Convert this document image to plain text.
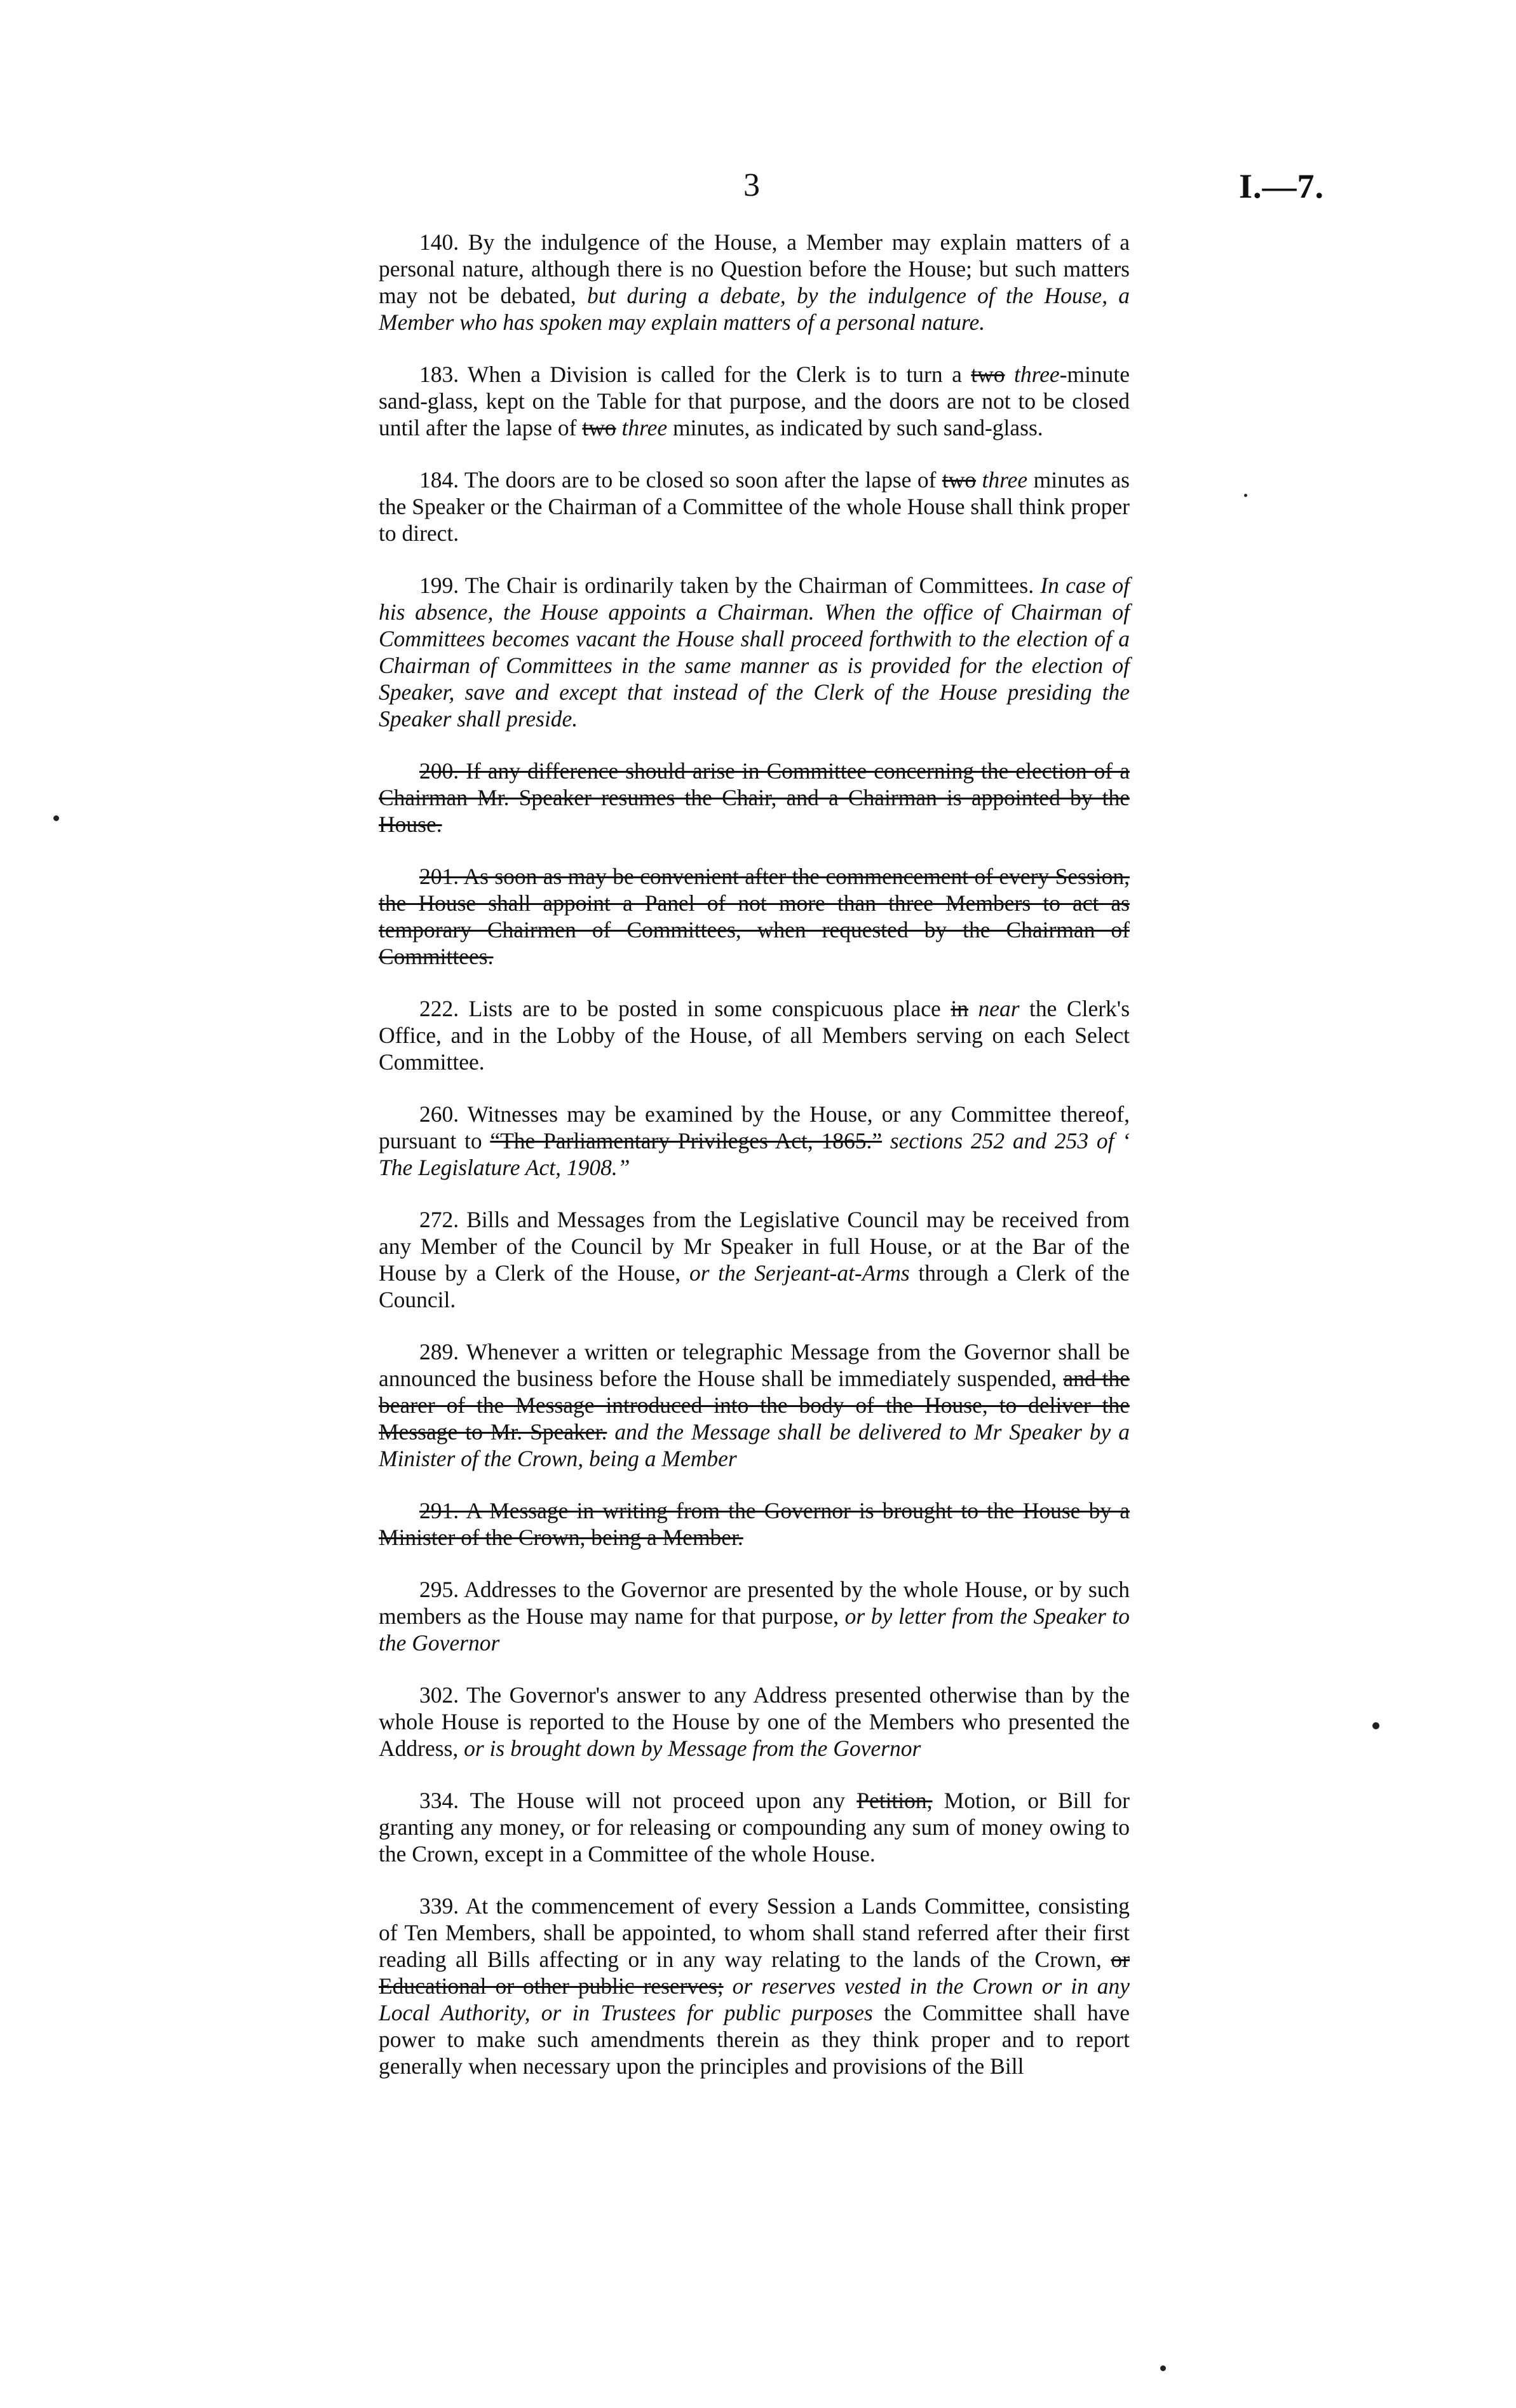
3	I.—7.

140. By the indulgence of the House, a Member may explain matters of a personal nature, although there is no Question before the House; but such matters may not be debated, but during a debate, by the indulgence of the House, a Member who has spoken may explain matters of a personal nature.

183. When a Division is called for the Clerk is to turn a two three-minute sand-glass, kept on the Table for that purpose, and the doors are not to be closed until after the lapse of two three minutes, as indicated by such sand-glass.

184. The doors are to be closed so soon after the lapse of two three minutes as the Speaker or the Chairman of a Committee of the whole House shall think proper to direct.

199. The Chair is ordinarily taken by the Chairman of Committees. In case of his absence, the House appoints a Chairman. When the office of Chairman of Committees becomes vacant the House shall proceed forthwith to the election of a Chairman of Committees in the same manner as is provided for the election of Speaker, save and except that instead of the Clerk of the House presiding the Speaker shall preside.

200. If any difference should arise in Committee concerning the election of a Chairman Mr. Speaker resumes the Chair, and a Chairman is appointed by the House.

201. As soon as may be convenient after the commencement of every Session, the House shall appoint a Panel of not more than three Members to act as temporary Chairmen of Committees, when requested by the Chairman of Committees.

222. Lists are to be posted in some conspicuous place in near the Clerk's Office, and in the Lobby of the House, of all Members serving on each Select Committee.

260. Witnesses may be examined by the House, or any Committee thereof, pursuant to “The Parliamentary Privileges Act, 1865.” sections 252 and 253 of ‘ The Legislature Act, 1908.”

272. Bills and Messages from the Legislative Council may be received from any Member of the Council by Mr Speaker in full House, or at the Bar of the House by a Clerk of the House, or the Serjeant-at-Arms through a Clerk of the Council.

289. Whenever a written or telegraphic Message from the Governor shall be announced the business before the House shall be immediately suspended, and the bearer of the Message introduced into the body of the House, to deliver the Message to Mr. Speaker. and the Message shall be delivered to Mr Speaker by a Minister of the Crown, being a Member

291. A Message in writing from the Governor is brought to the House by a Minister of the Crown, being a Member.

295. Addresses to the Governor are presented by the whole House, or by such members as the House may name for that purpose, or by letter from the Speaker to the Governor

302. The Governor's answer to any Address presented otherwise than by the whole House is reported to the House by one of the Members who presented the Address, or is brought down by Message from the Governor

334. The House will not proceed upon any Petition, Motion, or Bill for granting any money, or for releasing or compounding any sum of money owing to the Crown, except in a Committee of the whole House.

339. At the commencement of every Session a Lands Committee, consisting of Ten Members, shall be appointed, to whom shall stand referred after their first reading all Bills affecting or in any way relating to the lands of the Crown, or Educational or other public reserves; or reserves vested in the Crown or in any Local Authority, or in Trustees for public purposes the Committee shall have power to make such amendments therein as they think proper and to report generally when necessary upon the principles and provisions of the Bill
